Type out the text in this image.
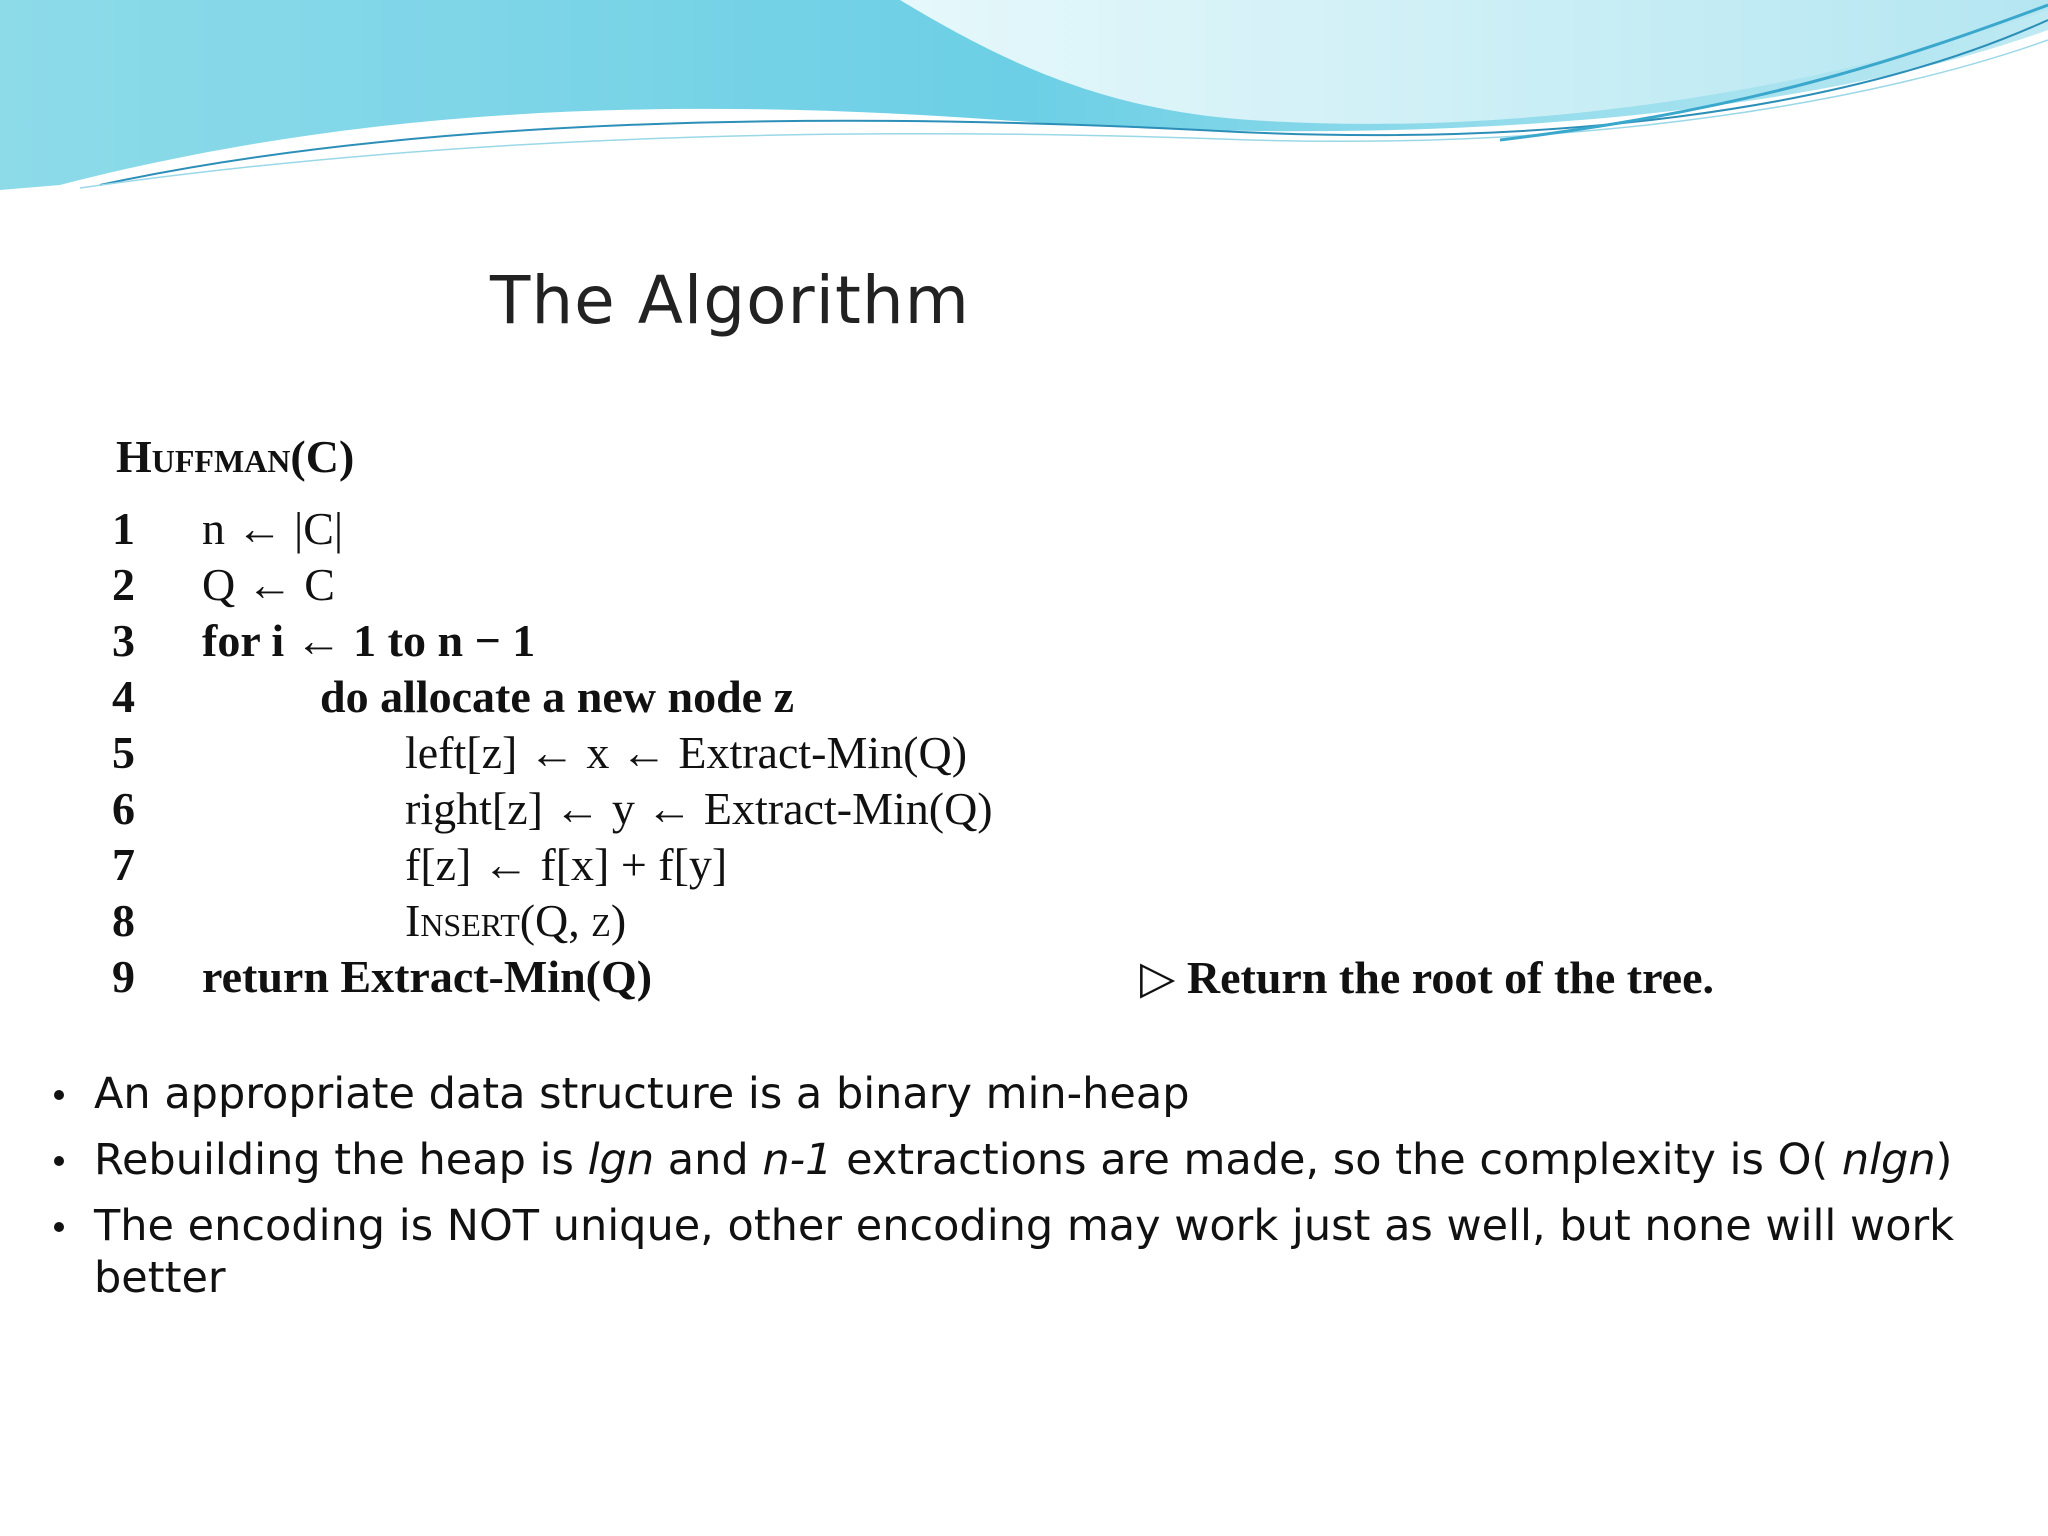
The Algorithm
Huffman(C)
1	n ← |C|
2	Q ← C
3	for i ← 1 to n − 1
4	do allocate a new node z
5	left[z] ← x ← Extract-Min(Q)
6	right[z] ← y ← Extract-Min(Q)
7	f[z] ← f[x] + f[y]
8	Insert(Q, z)
9	return Extract-Min(Q)	▷ Return the root of the tree.
An appropriate data structure is a binary min-heap
Rebuilding the heap is lgn and n-1 extractions are made, so the complexity is O( nlgn)
The encoding is NOT unique, other encoding may work just as well, but none will work better
